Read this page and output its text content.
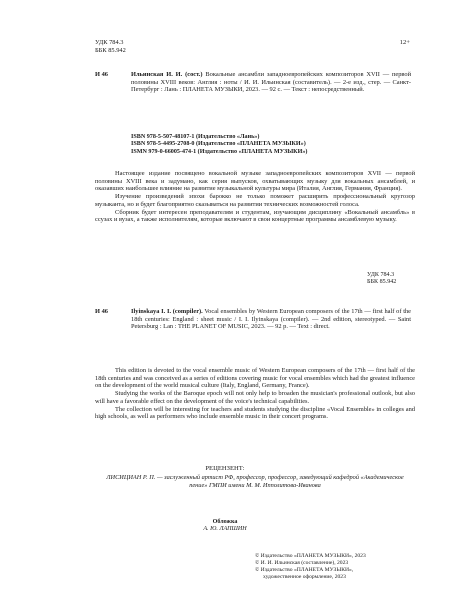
УДК 784.3
ББК 85.942
12+
И 46	Ильинская И. И. (сост.) Вокальные ансамбли западноевропейских композиторов XVII — первой половины XVIII веков: Англия : ноты / И. И. Ильинская (составитель). — 2-е изд., стер. — Санкт-Петербург : Лань : ПЛАНЕТА МУЗЫКИ, 2023. — 92 с. — Текст : непосредственный.
ISBN 978-5-507-48107-1 (Издательство «Лань»)
ISBN 978-5-4495-2708-0 (Издательство «ПЛАНЕТА МУЗЫКИ»)
ISMN 979-0-66005-474-1 (Издательство «ПЛАНЕТА МУЗЫКИ»)

Настоящее издание посвящено вокальной музыке западноевропейских композиторов XVII — первой половины XVIII века и задумано, как серия выпусков, охватывающих музыку для вокальных ансамблей, и оказавших наибольшее влияние на развитие музыкальной культуры мира (Италия, Англия, Германия, Франция).

Изучение произведений эпохи барокко не только поможет расширить профессиональный кругозор музыканта, но и будет благоприятно сказываться на развитии технических возможностей голоса.

Сборник будет интересен преподавателям и студентам, изучающим дисциплину «Вокальный ансамбль» в ссузах и вузах, а также исполнителям, которые включают в свои концертные программы ансамблевую музыку.

УДК 784.3
ББК 85.942
И 46	Ilyinskaya I. I. (compiler). Vocal ensembles by Western European composers of the 17th — first half of the 18th centuries: England : sheet music / I. I. Ilyinskaya (compiler). — 2nd edition, stereotyped. — Saint Petersburg : Lan : THE PLANET OF MUSIC, 2023. — 92 p. — Text : direct.

This edition is devoted to the vocal ensemble music of Western European composers of the 17th — first half of the 18th centuries and was conceived as a series of editions covering music for vocal ensembles which had the greatest influence on the development of the world musical culture (Italy, England, Germany, France).

Studying the works of the Baroque epoch will not only help to broaden the musician's professional outlook, but also will have a favorable effect on the development of the voice's technical capabilities.

The collection will be interesting for teachers and students studying the discipline «Vocal Ensemble» in colleges and high schools, as well as performers who include ensemble music in their concert programs.

РЕЦЕНЗЕНТ:
ЛИСИЦИАН Р. П. — заслуженный артист РФ, профессор, профессор, заведующий кафедрой «Академическое пение» ГМПИ имени М. М. Ипполитова-Иванова
Обложка
А. Ю. ЛАПШИН
© Издательство «ПЛАНЕТА МУЗЫКИ», 2023
© И. И. Ильинская (составление), 2023
© Издательство «ПЛАНЕТА МУЗЫКИ»,
художественное оформление, 2023
